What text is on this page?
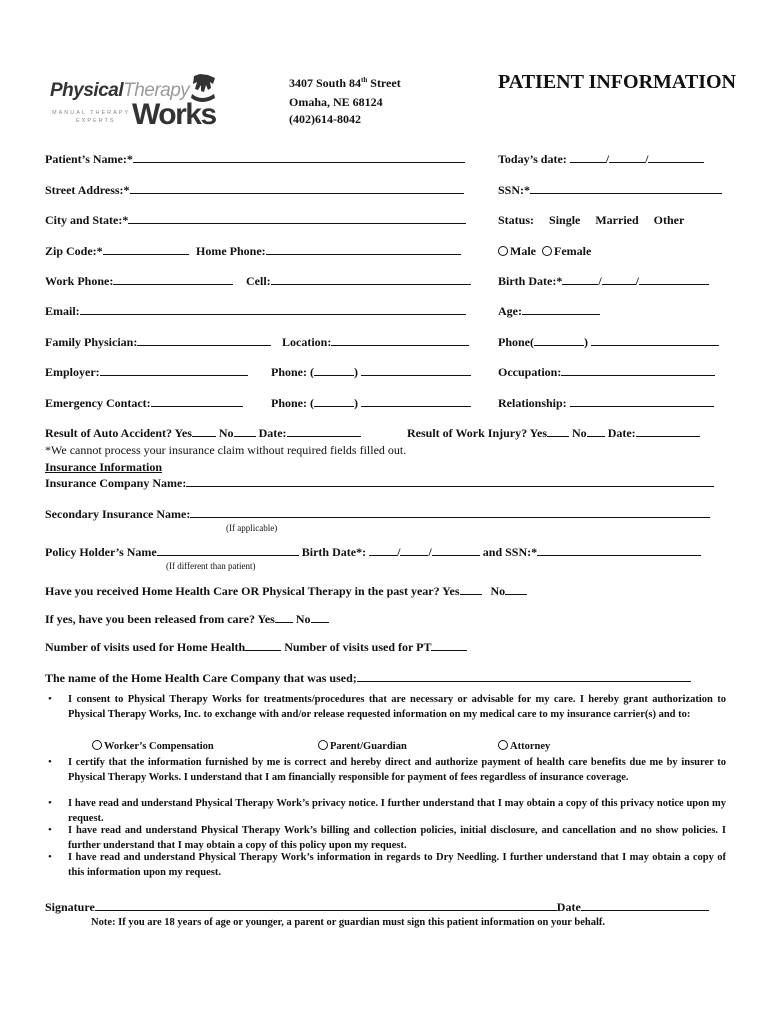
PhysicalTherapy
MANUAL THERAPY
EXPERTS Works
3407 South 84th Street
Omaha, NE 68124
(402)614-8042
PATIENT INFORMATION
Patient’s Name:*	Today’s date:	/	/
Street Address:*	SSN:*
City and State:*	Status: Single Married Other
Zip Code:*	Home Phone:	Male Female
Work Phone:	Cell:	Birth Date:*	/	/
Email:	Age:
Family Physician:	Location:	Phone(	)
Employer:	Phone: (	)	Occupation:
Emergency Contact:	Phone: (	)	Relationship:
Result of Auto Accident? Yes No Date:	Result of Work Injury? Yes No Date:
*We cannot process your insurance claim without required fields filled out.
Insurance Information
Insurance Company Name:
Secondary Insurance Name:
(If applicable)
Policy Holder’s Name	Birth Date*:	/ /	and SSN:*
(If different than patient)
Have you received Home Health Care OR Physical Therapy in the past year? Yes	No
If yes, have you been released from care? Yes No
Number of visits used for Home Health	Number of visits used for PT
The name of the Home Health Care Company that was used;
• I consent to Physical Therapy Works for treatments/procedures that are necessary or advisable for my care. I hereby grant authorization to Physical Therapy Works, Inc. to exchange with and/or release requested information on my medical care to my insurance carrier(s) and to:
Worker’s Compensation	Parent/Guardian	Attorney
• I certify that the information furnished by me is correct and hereby direct and authorize payment of health care benefits due me by insurer to Physical Therapy Works. I understand that I am financially responsible for payment of fees regardless of insurance coverage.
• I have read and understand Physical Therapy Work’s privacy notice. I further understand that I may obtain a copy of this privacy notice upon my request.
• I have read and understand Physical Therapy Work’s billing and collection policies, initial disclosure, and cancellation and no show policies. I further understand that I may obtain a copy of this policy upon my request.
• I have read and understand Physical Therapy Work’s information in regards to Dry Needling. I further understand that I may obtain a copy of this information upon my request.
Signature	Date
Note: If you are 18 years of age or younger, a parent or guardian must sign this patient information on your behalf.
